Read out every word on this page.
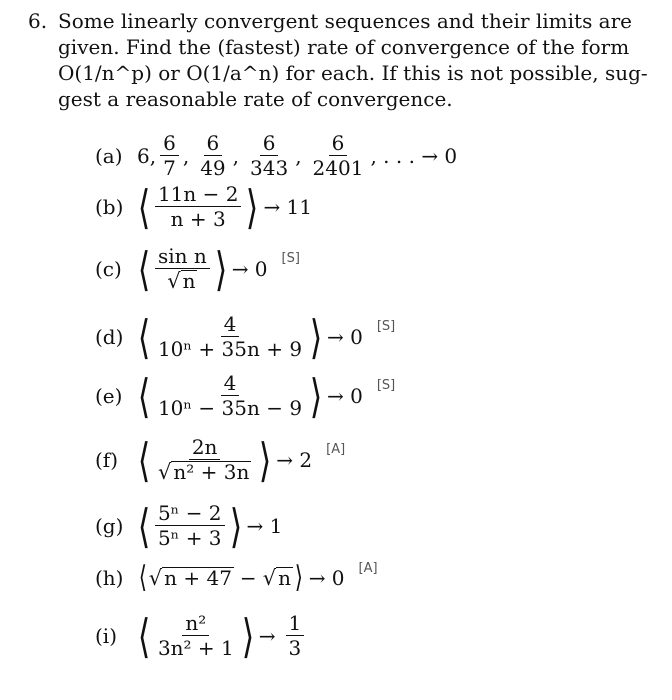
6. Some linearly convergent sequences and their limits are

given. Find the (fastest) rate of convergence of the form

O(1/n^p) or O(1/a^n) for each. If this is not possible, sug-

gest a reasonable rate of convergence.

(a) 6, $\frac{6}{7}$ , $\frac{6}{49}$ , $\frac{6}{343}$ , $\frac{6}{2401}$ , . . . → 0
(b) ⟨ $\frac{11n - 2}{n + 3}$ ⟩ → 11
(c) ⟨ $\frac{\text{sin n}}{√ n}$ ⟩ → 0 [S]
(d) ⟨ $\frac{4}{\text{10ⁿ + 35n + 9}}$ ⟩ → 0 [S]
(e) ⟨ $\frac{4}{\text{10ⁿ − 35n − 9}}$ ⟩ → 0 [S]
(f) ⟨ $\frac{2n}{\text{√ n² + 3n}}$ ⟩ → 2 [A]
(g) ⟨ $\frac{\text{5ⁿ − 2}}{\text{5ⁿ + 3}}$ ⟩ → 1
(h) ⟨ √ n + 47 − √ n ⟩ → 0 [A]
(i) ⟨ $\frac{\text{n²}}{\text{3n² + 1}}$ ⟩ → $\frac{1}{3}$
